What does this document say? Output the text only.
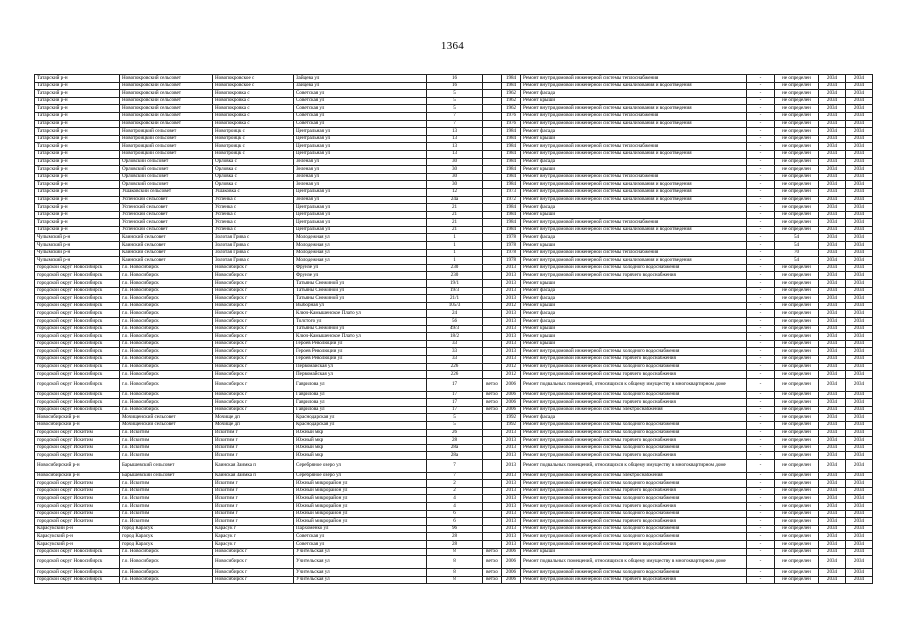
1364
Татарский р-н	Новопокровский сельсовет	Новопокровское с	Зайцева ул	16		1984	Ремонт внутридомовой инженерной системы теплоснабжения	-	не определен	2034	2034
Татарский р-н	Новопокровский сельсовет	Новопокровское с	Зайцева ул	16		1984	Ремонт внутридомовой инженерной системы канализования и водоотведения	-	не определен	2034	2034
Татарский р-н	Новопокровский сельсовет	Новопокровка с	Советская ул	5		1962	Ремонт фасада	-	не определен	2034	2034
Татарский р-н	Новопокровский сельсовет	Новопокровка с	Советская ул	5		1962	Ремонт крыши	-	не определен	2034	2034
Татарский р-н	Новопокровский сельсовет	Новопокровка с	Советская ул	5		1962	Ремонт внутридомовой инженерной системы канализования и водоотведения	-	не определен	2034	2034
Татарский р-н	Новопокровский сельсовет	Новопокровка с	Советская ул	7		1976	Ремонт внутридомовой инженерной системы теплоснабжения	-	не определен	2034	2034
Татарский р-н	Новопокровский сельсовет	Новопокровка с	Советская ул	7		1976	Ремонт внутридомовой инженерной системы канализования и водоотведения	-	не определен	2034	2034
Татарский р-н	Новотроицкий сельсовет	Новотроицк с	Центральная ул	13		1984	Ремонт фасада	-	не определен	2034	2034
Татарский р-н	Новотроицкий сельсовет	Новотроицк с	Центральная ул	13		1984	Ремонт крыши	-	не определен	2034	2034
Татарский р-н	Новотроицкий сельсовет	Новотроицк с	Центральная ул	13		1984	Ремонт внутридомовой инженерной системы теплоснабжения	-	не определен	2034	2034
Татарский р-н	Новотроицкий сельсовет	Новотроицк с	Центральная ул	13		1984	Ремонт внутридомовой инженерной системы канализования и водоотведения	-	не определен	2034	2034
Татарский р-н	Орловский сельсовет	Орловка с	Зеленая ул	30		1984	Ремонт фасада	-	не определен	2034	2034
Татарский р-н	Орловский сельсовет	Орловка с	Зеленая ул	30		1984	Ремонт крыши	-	не определен	2034	2034
Татарский р-н	Орловский сельсовет	Орловка с	Зеленая ул	30		1984	Ремонт внутридомовой инженерной системы теплоснабжения	-	не определен	2034	2034
Татарский р-н	Орловский сельсовет	Орловка с	Зеленая ул	30		1984	Ремонт внутридомовой инженерной системы канализования и водоотведения	-	не определен	2034	2034
Татарский р-н	Ушаковский сельсовет	Ушаковка с	Центральная ул	12		1973	Ремонт внутридомовой инженерной системы канализования и водоотведения	-	не определен	2034	2034
Татарский р-н	Успенский сельсовет	Успенка с	Зеленая ул	24а		1972	Ремонт внутридомовой инженерной системы канализования и водоотведения	-	не определен	2034	2034
Татарский р-н	Успенский сельсовет	Успенка с	Центральная ул	21		1984	Ремонт фасада	-	не определен	2034	2034
Татарский р-н	Успенский сельсовет	Успенка с	Центральная ул	21		1984	Ремонт крыши	-	не определен	2034	2034
Татарский р-н	Успенский сельсовет	Успенка с	Центральная ул	21		1984	Ремонт внутридомовой инженерной системы теплоснабжения	-	не определен	2034	2034
Татарский р-н	Успенский сельсовет	Успенка с	Центральная ул	21		1984	Ремонт внутридомовой инженерной системы канализования и водоотведения	-	не определен	2034	2034
Чулымский р-н	Каинский сельсовет	Золотая Грива с	Молодежная ул	1		1978	Ремонт фасада	-	54	2034	2034
Чулымский р-н	Каинский сельсовет	Золотая Грива с	Молодежная ул	1		1978	Ремонт крыши	-	54	2034	2034
Чулымский р-н	Каинский сельсовет	Золотая Грива с	Молодежная ул	1		1978	Ремонт внутридомовой инженерной системы теплоснабжения	-	70	2034	2034
Чулымский р-н	Каинский сельсовет	Золотая Грива с	Молодежная ул	1		1978	Ремонт внутридомовой инженерной системы канализования и водоотведения	-	54	2034	2034
городской округ Новосибирск	г.о. Новосибирск	Новосибирск г	Фрунзе ул	230		2013	Ремонт внутридомовой инженерной системы холодного водоснабжения	-	не определен	2034	2034
городской округ Новосибирск	г.о. Новосибирск	Новосибирск г	Фрунзе ул	230		2013	Ремонт внутридомовой инженерной системы горячего водоснабжения	-	не определен	2034	2034
городской округ Новосибирск	г.о. Новосибирск	Новосибирск г	Татьяны Снежиной ул	19/1		2013	Ремонт крыши	-	не определен	2034	2034
городской округ Новосибирск	г.о. Новосибирск	Новосибирск г	Татьяны Снежиной ул	19/3		2013	Ремонт фасада	-	не определен	2034	2034
городской округ Новосибирск	г.о. Новосибирск	Новосибирск г	Татьяны Снежиной ул	21/1		2013	Ремонт фасада	-	не определен	2034	2034
городской округ Новосибирск	г.о. Новосибирск	Новосибирск г	Выборная ул	105/3		2012	Ремонт крыши	-	не определен	2034	2034
городской округ Новосибирск	г.о. Новосибирск	Новосибирск г	Ключ-Камышенское Плато ул	24		2013	Ремонт фасада	-	не определен	2034	2034
городской округ Новосибирск	г.о. Новосибирск	Новосибирск г	Толстого ул	56		2013	Ремонт фасада	-	не определен	2034	2034
городской округ Новосибирск	г.о. Новосибирск	Новосибирск г	Татьяны Снежиной ул	49/3		2013	Ремонт крыши	-	не определен	2034	2034
городской округ Новосибирск	г.о. Новосибирск	Новосибирск г	Ключ-Камышенское Плато ул	18/2		2013	Ремонт крыши	-	не определен	2034	2034
городской округ Новосибирск	г.о. Новосибирск	Новосибирск г	Героев Революции ул	33		2013	Ремонт крыши	-	не определен	2034	2034
городской округ Новосибирск	г.о. Новосибирск	Новосибирск г	Героев Революции ул	33		2013	Ремонт внутридомовой инженерной системы холодного водоснабжения	-	не определен	2034	2034
городской округ Новосибирск	г.о. Новосибирск	Новосибирск г	Героев Революции ул	33		2013	Ремонт внутридомовой инженерной системы горячего водоснабжения	-	не определен	2034	2034
городской округ Новосибирск	г.о. Новосибирск	Новосибирск г	Первомайская ул	226		2012	Ремонт внутридомовой инженерной системы холодного водоснабжения	-	не определен	2034	2034
городской округ Новосибирск	г.о. Новосибирск	Новосибирск г	Первомайская ул	226		2012	Ремонт внутридомовой инженерной системы горячего водоснабжения	-	не определен	2034	2034
городской округ Новосибирск	г.о. Новосибирск	Новосибирск г	Гаврилова ул	17	ветхо	2006	Ремонт подвальных помещений, относящихся к общему имуществу в многоквартирном доме	-	не определен	2034	2034
городской округ Новосибирск	г.о. Новосибирск	Новосибирск г	Гаврилова ул	17	ветхо	2006	Ремонт внутридомовой инженерной системы холодного водоснабжения	-	не определен	2034	2034
городской округ Новосибирск	г.о. Новосибирск	Новосибирск г	Гаврилова ул	17	ветхо	2006	Ремонт внутридомовой инженерной системы горячего водоснабжения	-	не определен	2034	2034
городской округ Новосибирск	г.о. Новосибирск	Новосибирск г	Гаврилова ул	17	ветхо	2006	Ремонт внутридомовой инженерной системы электроснабжения	-	не определен	2034	2034
Новосибирский р-н	Мочищенский сельсовет	Мочище дп	Краснодарская ул	5		1992	Ремонт фасада	-	не определен	2034	2034
Новосибирский р-н	Мочищенский сельсовет	Мочище дп	Краснодарская ул	5		1992	Ремонт внутридомовой инженерной системы холодного водоснабжения	-	не определен	2034	2034
городской округ Искитим	г.о. Искитим	Искитим г	Южный мкр	26		2013	Ремонт внутридомовой инженерной системы холодного водоснабжения	-	не определен	2034	2034
городской округ Искитим	г.о. Искитим	Искитим г	Южный мкр	28		2013	Ремонт внутридомовой инженерной системы горячего водоснабжения	-	не определен	2034	2034
городской округ Искитим	г.о. Искитим	Искитим г	Южный мкр	28а		2013	Ремонт внутридомовой инженерной системы холодного водоснабжения	-	не определен	2034	2034
городской округ Искитим	г.о. Искитим	Искитим г	Южный мкр	28а		2013	Ремонт внутридомовой инженерной системы горячего водоснабжения	-	не определен	2034	2034
Новосибирский р-н	Барышевский сельсовет	Каинская Заимка п	Серебряное озеро ул	7		2013	Ремонт подвальных помещений, относящихся к общему имуществу в многоквартирном доме	-	не определен	2034	2034
Новосибирский р-н	Барышевский сельсовет	Каинская Заимка п	Серебряное озеро ул	7		2013	Ремонт внутридомовой инженерной системы электроснабжения	-	не определен	2034	2034
городской округ Искитим	г.о. Искитим	Искитим г	Южный микрорайон ул	2		2013	Ремонт внутридомовой инженерной системы холодного водоснабжения	-	не определен	2034	2034
городской округ Искитим	г.о. Искитим	Искитим г	Южный микрорайон ул	2		2013	Ремонт внутридомовой инженерной системы горячего водоснабжения	-	не определен	2034	2034
городской округ Искитим	г.о. Искитим	Искитим г	Южный микрорайон ул	4		2013	Ремонт внутридомовой инженерной системы холодного водоснабжения	-	не определен	2034	2034
городской округ Искитим	г.о. Искитим	Искитим г	Южный микрорайон ул	4		2013	Ремонт внутридомовой инженерной системы горячего водоснабжения	-	не определен	2034	2034
городской округ Искитим	г.о. Искитим	Искитим г	Южный микрорайон ул	6		2013	Ремонт внутридомовой инженерной системы холодного водоснабжения	-	не определен	2034	2034
городской округ Искитим	г.о. Искитим	Искитим г	Южный микрорайон ул	6		2013	Ремонт внутридомовой инженерной системы горячего водоснабжения	-	не определен	2034	2034
Карасукский р-н	город Карасук	Карасук г	Пархоменко ул	96		2013	Ремонт внутридомовой инженерной системы холодного водоснабжения	-	не определен	2034	2034
Карасукский р-н	город Карасук	Карасук г	Советская ул	28		2013	Ремонт внутридомовой инженерной системы холодного водоснабжения	-	не определен	2034	2034
Карасукский р-н	город Карасук	Карасук г	Советская ул	28		2013	Ремонт внутридомовой инженерной системы горячего водоснабжения	-	не определен	2034	2034
городской округ Новосибирск	г.о. Новосибирск	Новосибирск г	Учительская ул	8	ветхо	2006	Ремонт крыши	-	не определен	2034	2034
городской округ Новосибирск	г.о. Новосибирск	Новосибирск г	Учительская ул	8	ветхо	2006	Ремонт подвальных помещений, относящихся к общему имуществу в многоквартирном доме	-	не определен	2034	2034
городской округ Новосибирск	г.о. Новосибирск	Новосибирск г	Учительская ул	8	ветхо	2006	Ремонт внутридомовой инженерной системы холодного водоснабжения	-	не определен	2034	2034
городской округ Новосибирск	г.о. Новосибирск	Новосибирск г	Учительская ул	8	ветхо	2006	Ремонт внутридомовой инженерной системы горячего водоснабжения	-	не определен	2034	2034
